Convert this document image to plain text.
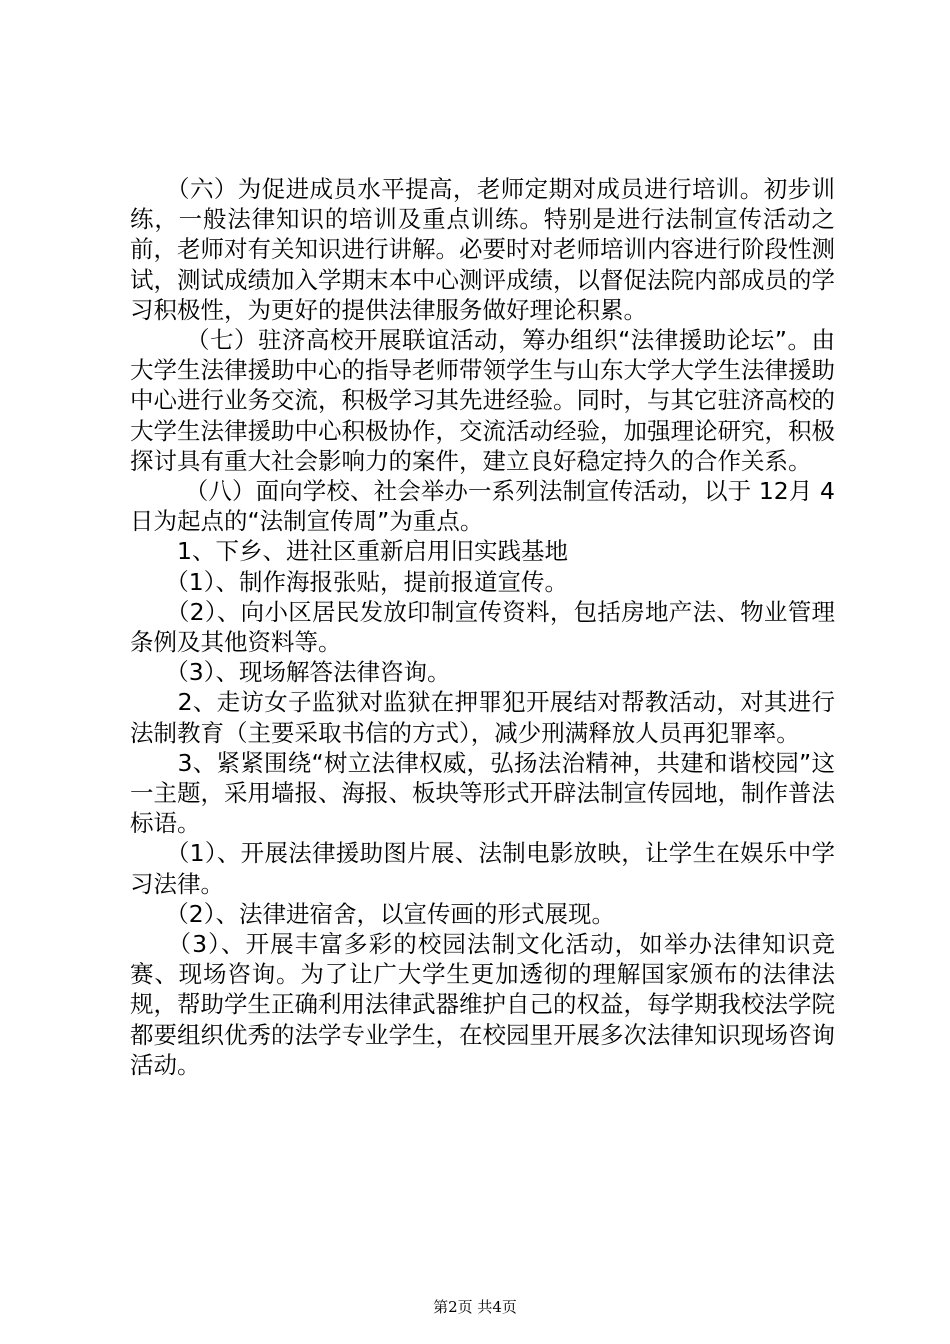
　　（六）为促进成员水平提高，老师定期对成员进行培训。初步训练，一般法律知识的培训及重点训练。特别是进行法制宣传活动之前，老师对有关知识进行讲解。必要时对老师培训内容进行阶段性测试，测试成绩加入学期末本中心测评成绩，以督促法院内部成员的学习积极性，为更好的提供法律服务做好理论积累。

　　 （七）驻济高校开展联谊活动，筹办组织“法律援助论坛”。由大学生法律援助中心的指导老师带领学生与山东大学大学生法律援助中心进行业务交流，积极学习其先进经验。同时，与其它驻济高校的大学生法律援助中心积极协作，交流活动经验，加强理论研究，积极探讨具有重大社会影响力的案件，建立良好稳定持久的合作关系。

　　 （八）面向学校、社会举办一系列法制宣传活动，以于 12月 4 日为起点的“法制宣传周”为重点。

　　1、下乡、进社区重新启用旧实践基地

　　（1）、制作海报张贴，提前报道宣传。

　　（2）、向小区居民发放印制宣传资料，包括房地产法、物业管理条例及其他资料等。

　　（3）、现场解答法律咨询。

　　2、走访女子监狱对监狱在押罪犯开展结对帮教活动，对其进行法制教育（主要采取书信的方式），减少刑满释放人员再犯罪率。

　　3、紧紧围绕“树立法律权威，弘扬法治精神，共建和谐校园”这一主题，采用墙报、海报、板块等形式开辟法制宣传园地，制作普法标语。

　　（1）、开展法律援助图片展、法制电影放映，让学生在娱乐中学习法律。

　　（2）、法律进宿舍，以宣传画的形式展现。

　　（3）、开展丰富多彩的校园法制文化活动，如举办法律知识竞赛、现场咨询。为了让广大学生更加透彻的理解国家颁布的法律法规，帮助学生正确利用法律武器维护自己的权益，每学期我校法学院都要组织优秀的法学专业学生，在校园里开展多次法律知识现场咨询活动。

第2页 共4页
